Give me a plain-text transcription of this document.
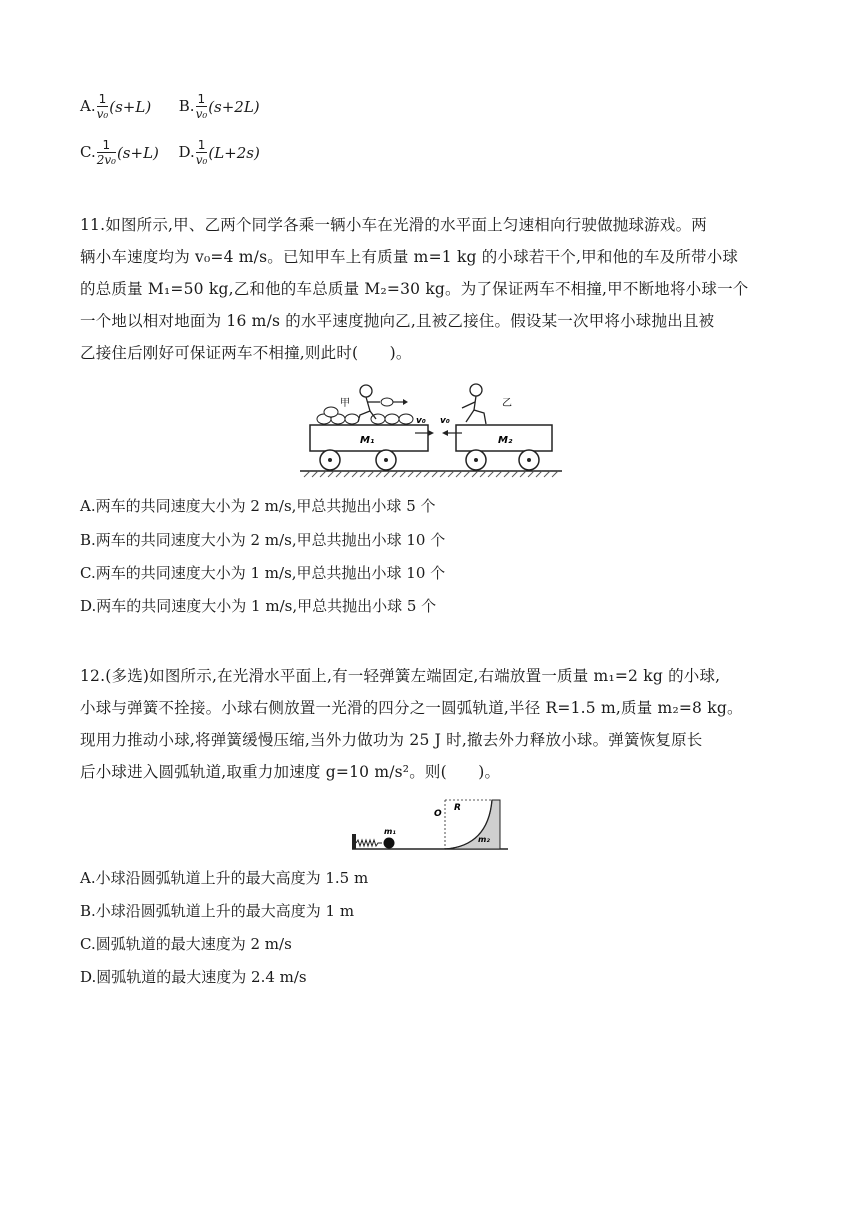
A. $\frac{1}{\text{v₀}} (s+L)$ B. $\frac{1}{\text{v₀}} (s+2L)$
C. $\frac{1}{\text{2v₀}} (s+L)$ D. $\frac{1}{\text{v₀}} (L+2s)$
11.如图所示,甲、乙两个同学各乘一辆小车在光滑的水平面上匀速相向行驶做抛球游戏。两
辆小车速度均为 v₀=4 m/s。已知甲车上有质量 m=1 kg 的小球若干个,甲和他的车及所带小球
的总质量 M₁=50 kg,乙和他的车总质量 M₂=30 kg。为了保证两车不相撞,甲不断地将小球一个
一个地以相对地面为 16 m/s 的水平速度抛向乙,且被乙接住。假设某一次甲将小球抛出且被
乙接住后刚好可保证两车不相撞,则此时(　　)。
M₁
甲
v₀
M₂
v₀
乙
A.两车的共同速度大小为 2 m/s,甲总共抛出小球 5 个
B.两车的共同速度大小为 2 m/s,甲总共抛出小球 10 个
C.两车的共同速度大小为 1 m/s,甲总共抛出小球 10 个
D.两车的共同速度大小为 1 m/s,甲总共抛出小球 5 个
12.(多选)如图所示,在光滑水平面上,有一轻弹簧左端固定,右端放置一质量 m₁=2 kg 的小球,
小球与弹簧不拴接。小球右侧放置一光滑的四分之一圆弧轨道,半径 R=1.5 m,质量 m₂=8 kg。
现用力推动小球,将弹簧缓慢压缩,当外力做功为 25 J 时,撤去外力释放小球。弹簧恢复原长
后小球进入圆弧轨道,取重力加速度 g=10 m/s²。则(　　)。
m₁
m₂
O
R
A.小球沿圆弧轨道上升的最大高度为 1.5 m
B.小球沿圆弧轨道上升的最大高度为 1 m
C.圆弧轨道的最大速度为 2 m/s
D.圆弧轨道的最大速度为 2.4 m/s
